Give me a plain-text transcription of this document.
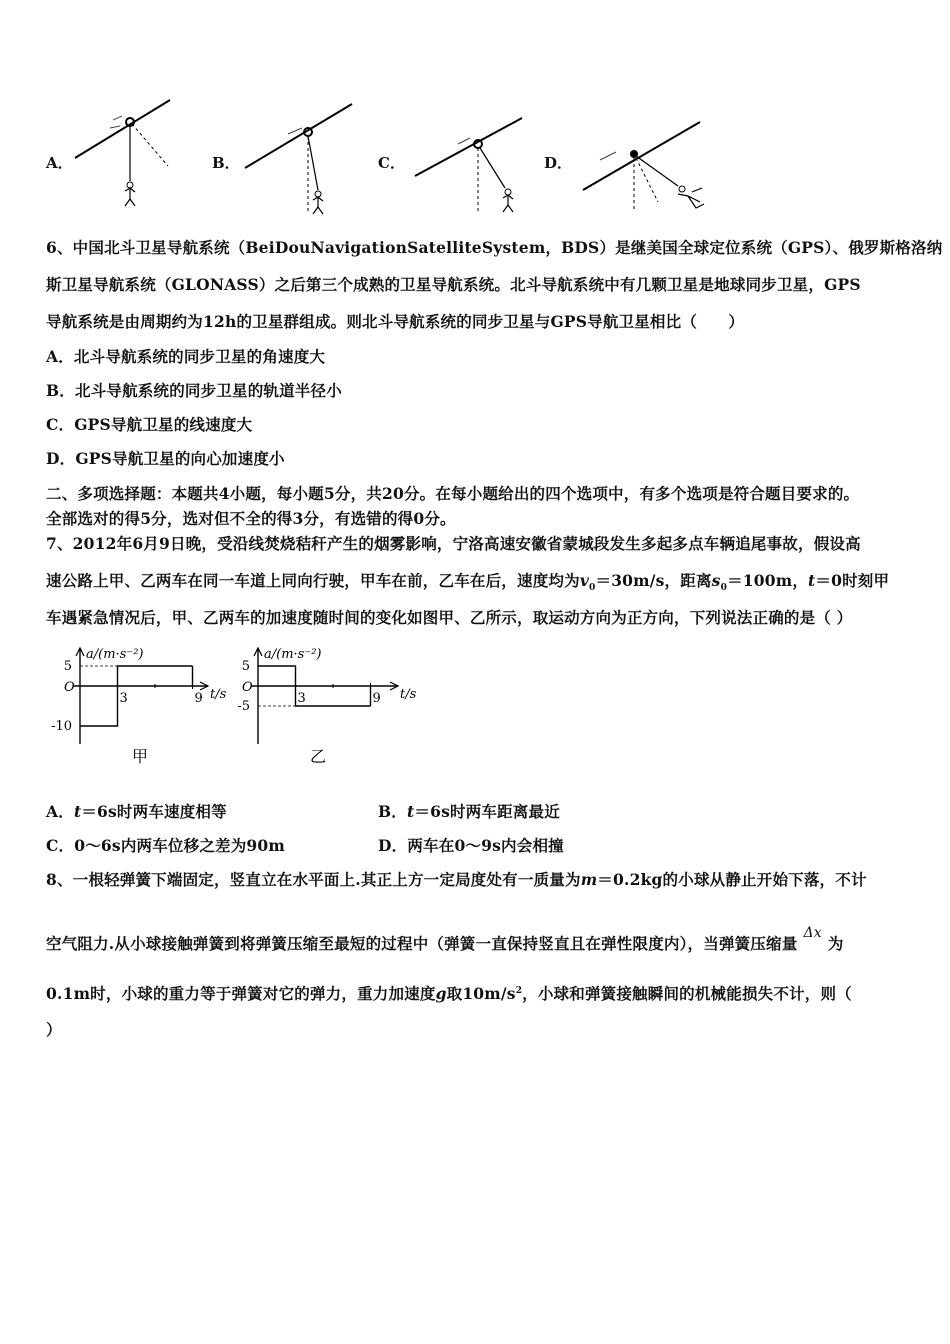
A．	B．	C．	D．
6、中国北斗卫星导航系统（BeiDouNavigationSatelliteSystem，BDS）是继美国全球定位系统（GPS）、俄罗斯格洛纳
斯卫星导航系统（GLONASS）之后第三个成熟的卫星导航系统。北斗导航系统中有几颗卫星是地球同步卫星，GPS
导航系统是由周期约为12h的卫星群组成。则北斗导航系统的同步卫星与GPS导航卫星相比（　　）
A．北斗导航系统的同步卫星的角速度大
B．北斗导航系统的同步卫星的轨道半径小
C．GPS导航卫星的线速度大
D．GPS导航卫星的向心加速度小
二、多项选择题：本题共4小题，每小题5分，共20分。在每小题给出的四个选项中，有多个选项是符合题目要求的。
全部选对的得5分，选对但不全的得3分，有选错的得0分。
7、2012年6月9日晚，受沿线焚烧秸秆产生的烟雾影响，宁洛高速安徽省蒙城段发生多起多点车辆追尾事故，假设高
速公路上甲、乙两车在同一车道上同向行驶，甲车在前，乙车在后，速度均为$v_0=30m/s$，距离$s_0=100m$，t＝0时刻甲
车遇紧急情况后，甲、乙两车的加速度随时间的变化如图甲、乙所示，取运动方向为正方向，下列说法正确的是（ ）
a/(m·s⁻²)
t/s
O
5
-10
3	9
甲
a/(m·s⁻²)
t/s
O
5
-5
3	9
乙
A．t＝6s时两车速度相等	B．t＝6s时两车距离最近
C．0～6s内两车位移之差为90m	D．两车在0～9s内会相撞
8、一根轻弹簧下端固定，竖直立在水平面上.其正上方一定局度处有一质量为m＝0.2kg的小球从静止开始下落，不计
空气阻力.从小球接触弹簧到将弹簧压缩至最短的过程中（弹簧一直保持竖直且在弹性限度内），当弹簧压缩量Δx为
0.1m时，小球的重力等于弹簧对它的弹力，重力加速度g取$10m/s^2$，小球和弹簧接触瞬间的机械能损失不计，则（
）
